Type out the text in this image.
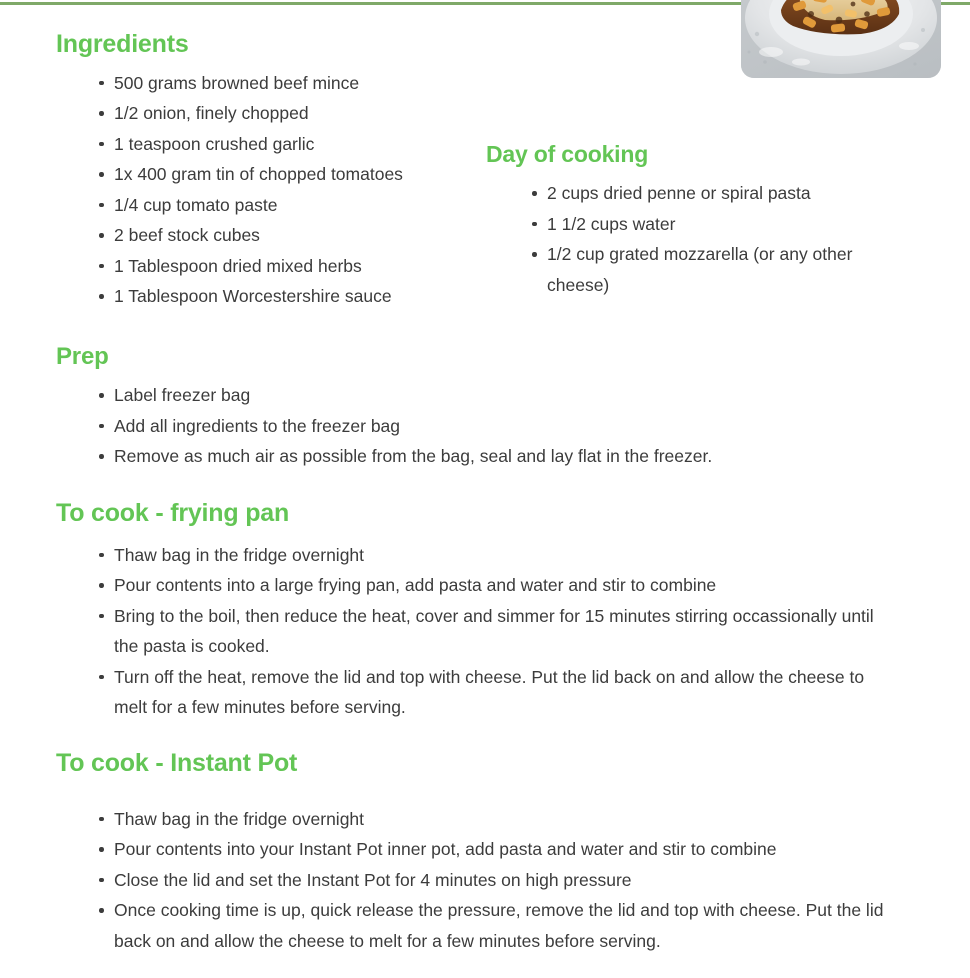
Ingredients
500 grams browned beef mince
1/2 onion, finely chopped
1 teaspoon crushed garlic
1x 400 gram tin of chopped tomatoes
1/4 cup tomato paste
2 beef stock cubes
1 Tablespoon dried mixed herbs
1 Tablespoon Worcestershire sauce
Day of cooking
2 cups dried penne or spiral pasta
1 1/2 cups water
1/2 cup grated mozzarella (or any other cheese)
Prep
Label freezer bag
Add all ingredients to the freezer bag
Remove as much air as possible from the bag, seal and lay flat in the freezer.
To cook - frying pan
Thaw bag in the fridge overnight
Pour contents into a large frying pan, add pasta and water and stir to combine
Bring to the boil, then reduce the heat, cover and simmer for 15 minutes stirring occassionally until the pasta is cooked.
Turn off the heat, remove the lid and top with cheese. Put the lid back on and allow the cheese to melt for a few minutes before serving.
To cook - Instant Pot
Thaw bag in the fridge overnight
Pour contents into your Instant Pot inner pot, add pasta and water and stir to combine
Close the lid and set the Instant Pot for 4 minutes on high pressure
Once cooking time is up, quick release the pressure, remove the lid and top with cheese. Put the lid back on and allow the cheese to melt for a few minutes before serving.
